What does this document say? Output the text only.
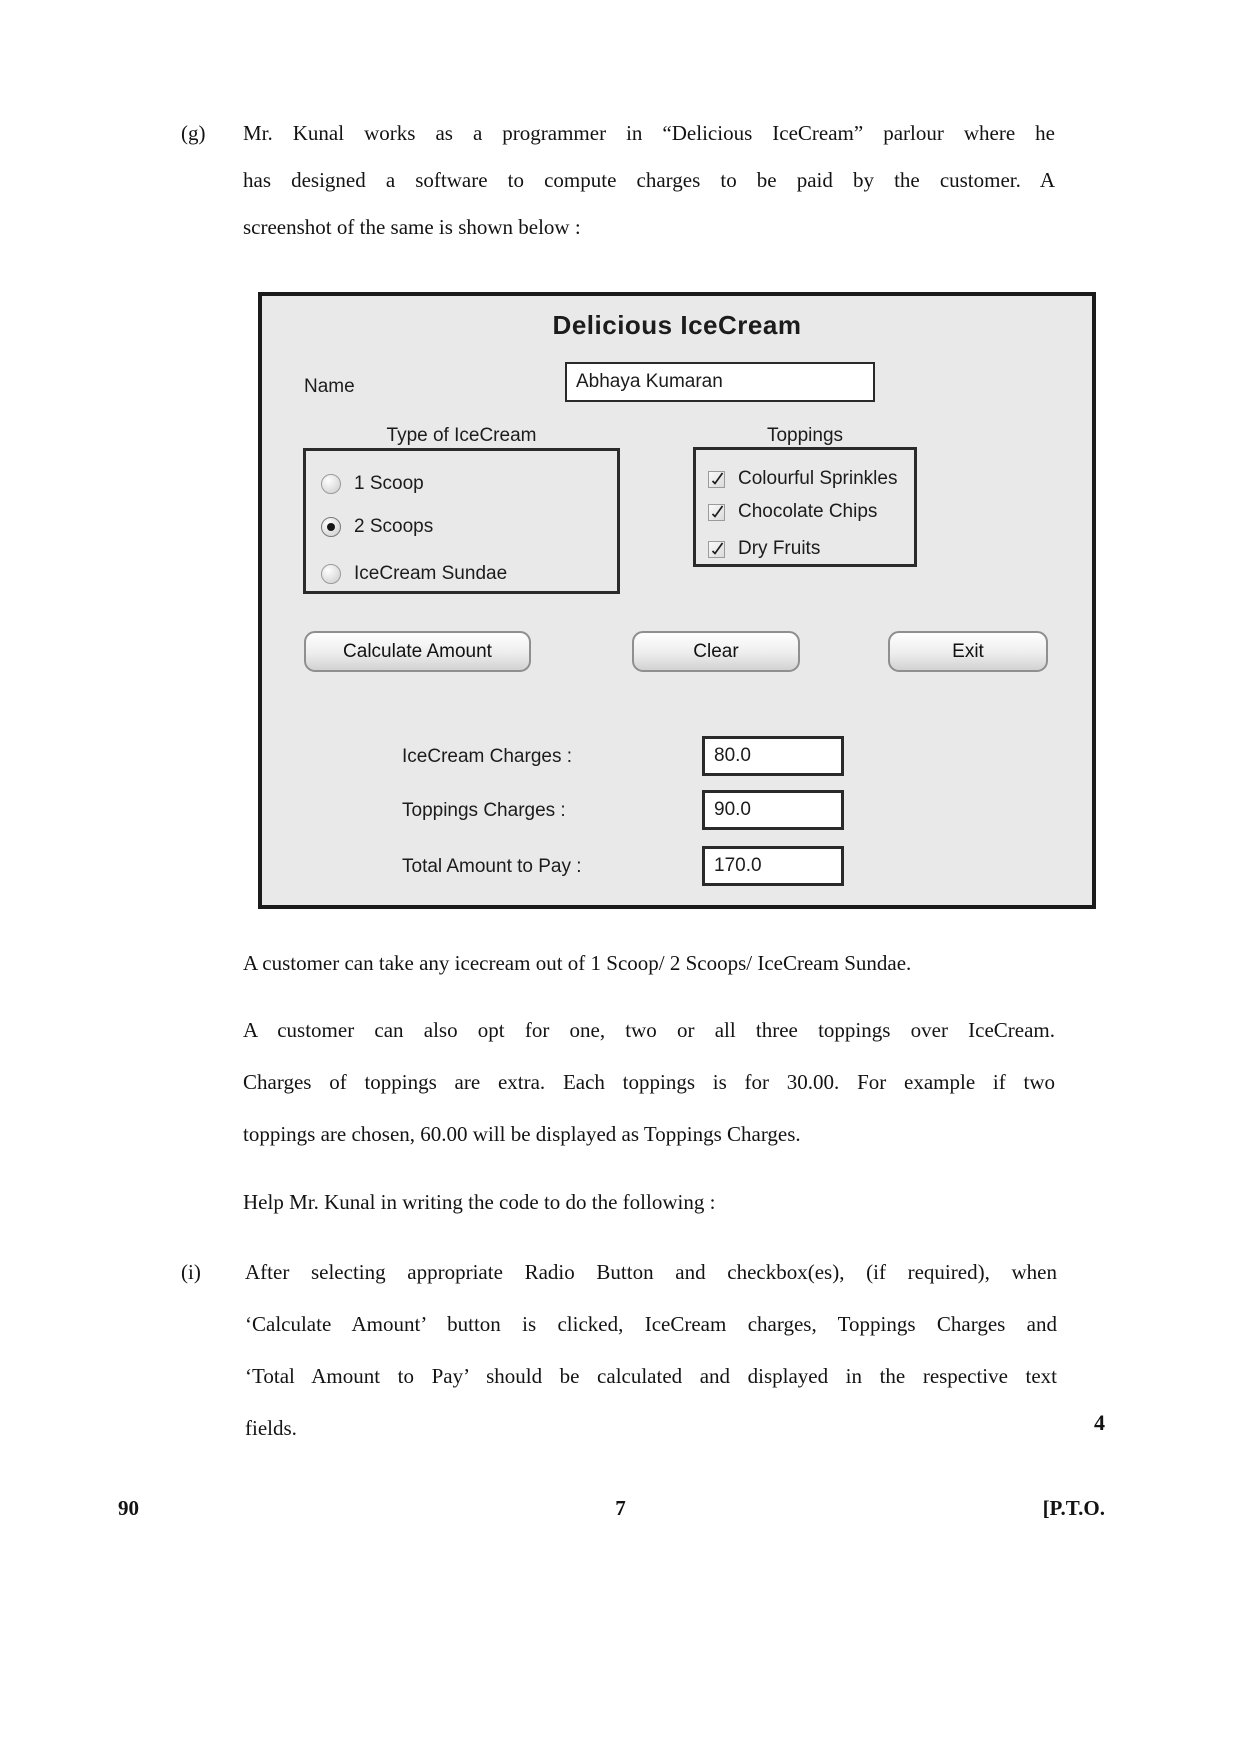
(g) Mr. Kunal works as a programmer in “Delicious IceCream” parlour where he
has designed a software to compute charges to be paid by the customer. A
screenshot of the same is shown below :
Delicious IceCream
Name
Abhaya Kumaran
Type of IceCream
1 Scoop
2 Scoops
IceCream Sundae
Toppings
Colourful Sprinkles
Chocolate Chips
Dry Fruits
Calculate Amount	Clear	Exit
IceCream Charges :	80.0
Toppings Charges :	90.0
Total Amount to Pay :	170.0
A customer can take any icecream out of 1 Scoop/ 2 Scoops/ IceCream Sundae.
A customer can also opt for one, two or all three toppings over IceCream.
Charges of toppings are extra. Each toppings is for 30.00. For example if two
toppings are chosen, 60.00 will be displayed as Toppings Charges.
Help Mr. Kunal in writing the code to do the following :
(i) After selecting appropriate Radio Button and checkbox(es), (if required), when
‘Calculate Amount’ button is clicked, IceCream charges, Toppings Charges and
‘Total Amount to Pay’ should be calculated and displayed in the respective text
fields.	4
90	7	[P.T.O.
